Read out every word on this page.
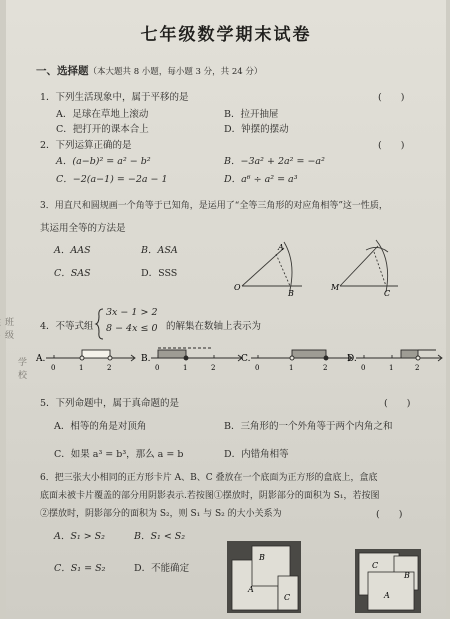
学校
班级
七年级数学期末试卷
一、选择题（本大题共 8 小题，每小题 3 分，共 24 分）
1．下列生活现象中，属于平移的是	(　　)
A．足球在草地上滚动	B．拉开抽屉
C．把打开的课本合上	D．钟摆的摆动
2．下列运算正确的是	(　　)
A．(a−b)² = a² − b²	B．−3a² + 2a² = −a²
C．−2(a−1) = −2a − 1	D．a⁶ ÷ a² = a³
3．用直尺和圆规画一个角等于已知角，是运用了“全等三角形的对应角相等”这一性质，
其运用全等的方法是
A．AAS	B．ASA
C．SAS	D．SSS
A
O
B
M
C
4．不等式组
3x − 1 > 2
8 − 4x ≤ 0 的解集在数轴上表示为
A.	B.	C.	D.
0	1	2	0	1	2	0	1	2	0	1	2
5．下列命题中，属于真命题的是	(　　)
A．相等的角是对顶角	B．三角形的一个外角等于两个内角之和
C．如果 a³ = b³，那么 a = b	D．内错角相等
6．把三张大小相同的正方形卡片 A、B、C 叠放在一个底面为正方形的盒底上，盒底
底面未被卡片覆盖的部分用阴影表示.若按图①摆放时，阴影部分的面积为 S₁，若按图
②摆放时，阴影部分的面积为 S₂，则 S₁ 与 S₂ 的大小关系为	(　　)
A．S₁ > S₂	B．S₁ < S₂
C．S₁ = S₂	D．不能确定
B
A
C
C
A
B
